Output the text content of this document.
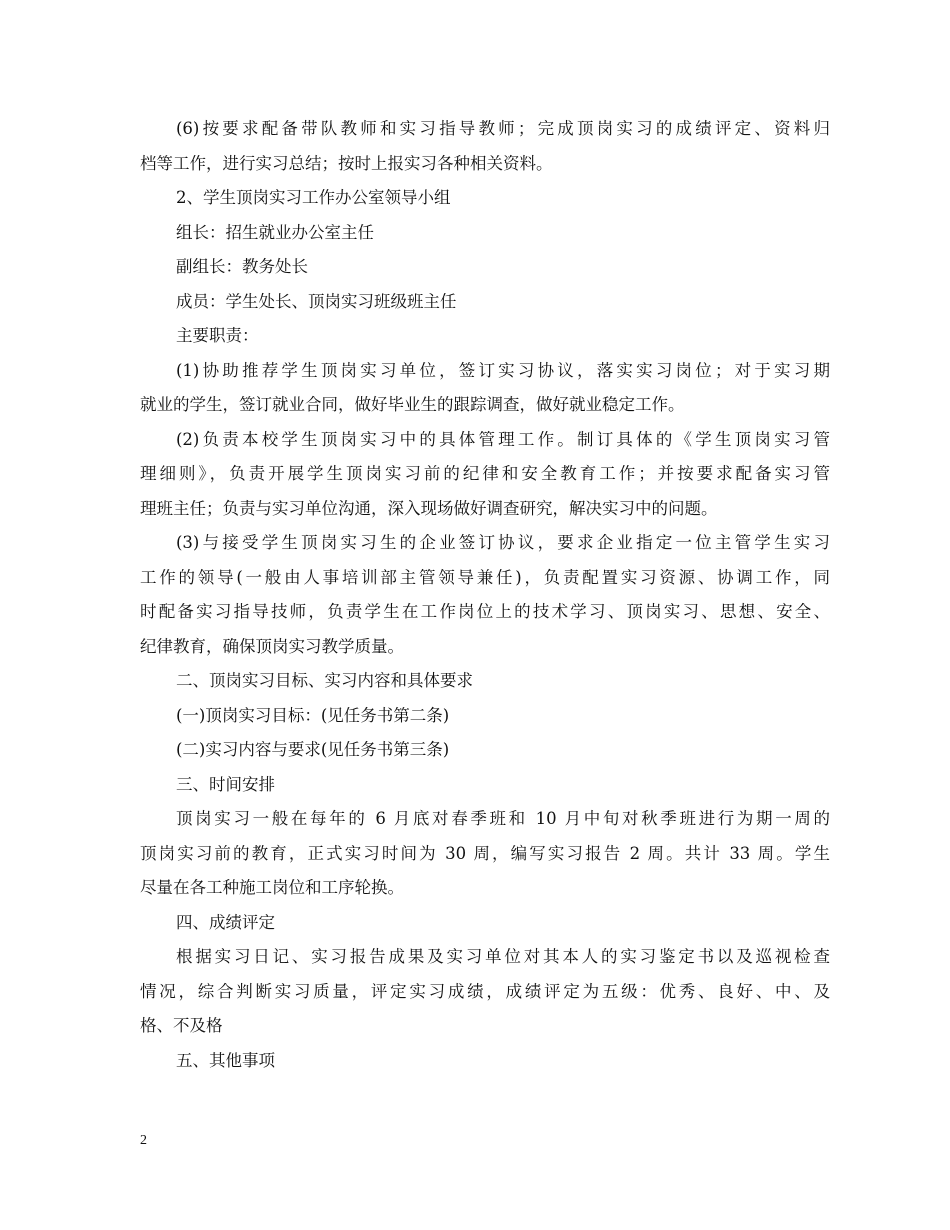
(6)按要求配备带队教师和实习指导教师；完成顶岗实习的成绩评定、资料归
档等工作，进行实习总结；按时上报实习各种相关资料。
2、学生顶岗实习工作办公室领导小组
组长：招生就业办公室主任
副组长：教务处长
成员：学生处长、顶岗实习班级班主任
主要职责：
(1)协助推荐学生顶岗实习单位，签订实习协议，落实实习岗位；对于实习期
就业的学生，签订就业合同，做好毕业生的跟踪调查，做好就业稳定工作。
(2)负责本校学生顶岗实习中的具体管理工作。制订具体的《学生顶岗实习管
理细则》，负责开展学生顶岗实习前的纪律和安全教育工作；并按要求配备实习管
理班主任；负责与实习单位沟通，深入现场做好调查研究，解决实习中的问题。
(3)与接受学生顶岗实习生的企业签订协议，要求企业指定一位主管学生实习
工作的领导(一般由人事培训部主管领导兼任)，负责配置实习资源、协调工作，同
时配备实习指导技师，负责学生在工作岗位上的技术学习、顶岗实习、思想、安全、
纪律教育，确保顶岗实习教学质量。
二、顶岗实习目标、实习内容和具体要求
(一)顶岗实习目标：(见任务书第二条)
(二)实习内容与要求(见任务书第三条)
三、时间安排
顶岗实习一般在每年的 6 月底对春季班和 10 月中旬对秋季班进行为期一周的
顶岗实习前的教育，正式实习时间为 30 周，编写实习报告 2 周。共计 33 周。学生
尽量在各工种施工岗位和工序轮换。
四、成绩评定
根据实习日记、实习报告成果及实习单位对其本人的实习鉴定书以及巡视检查
情况，综合判断实习质量，评定实习成绩，成绩评定为五级：优秀、良好、中、及
格、不及格
五、其他事项
2
